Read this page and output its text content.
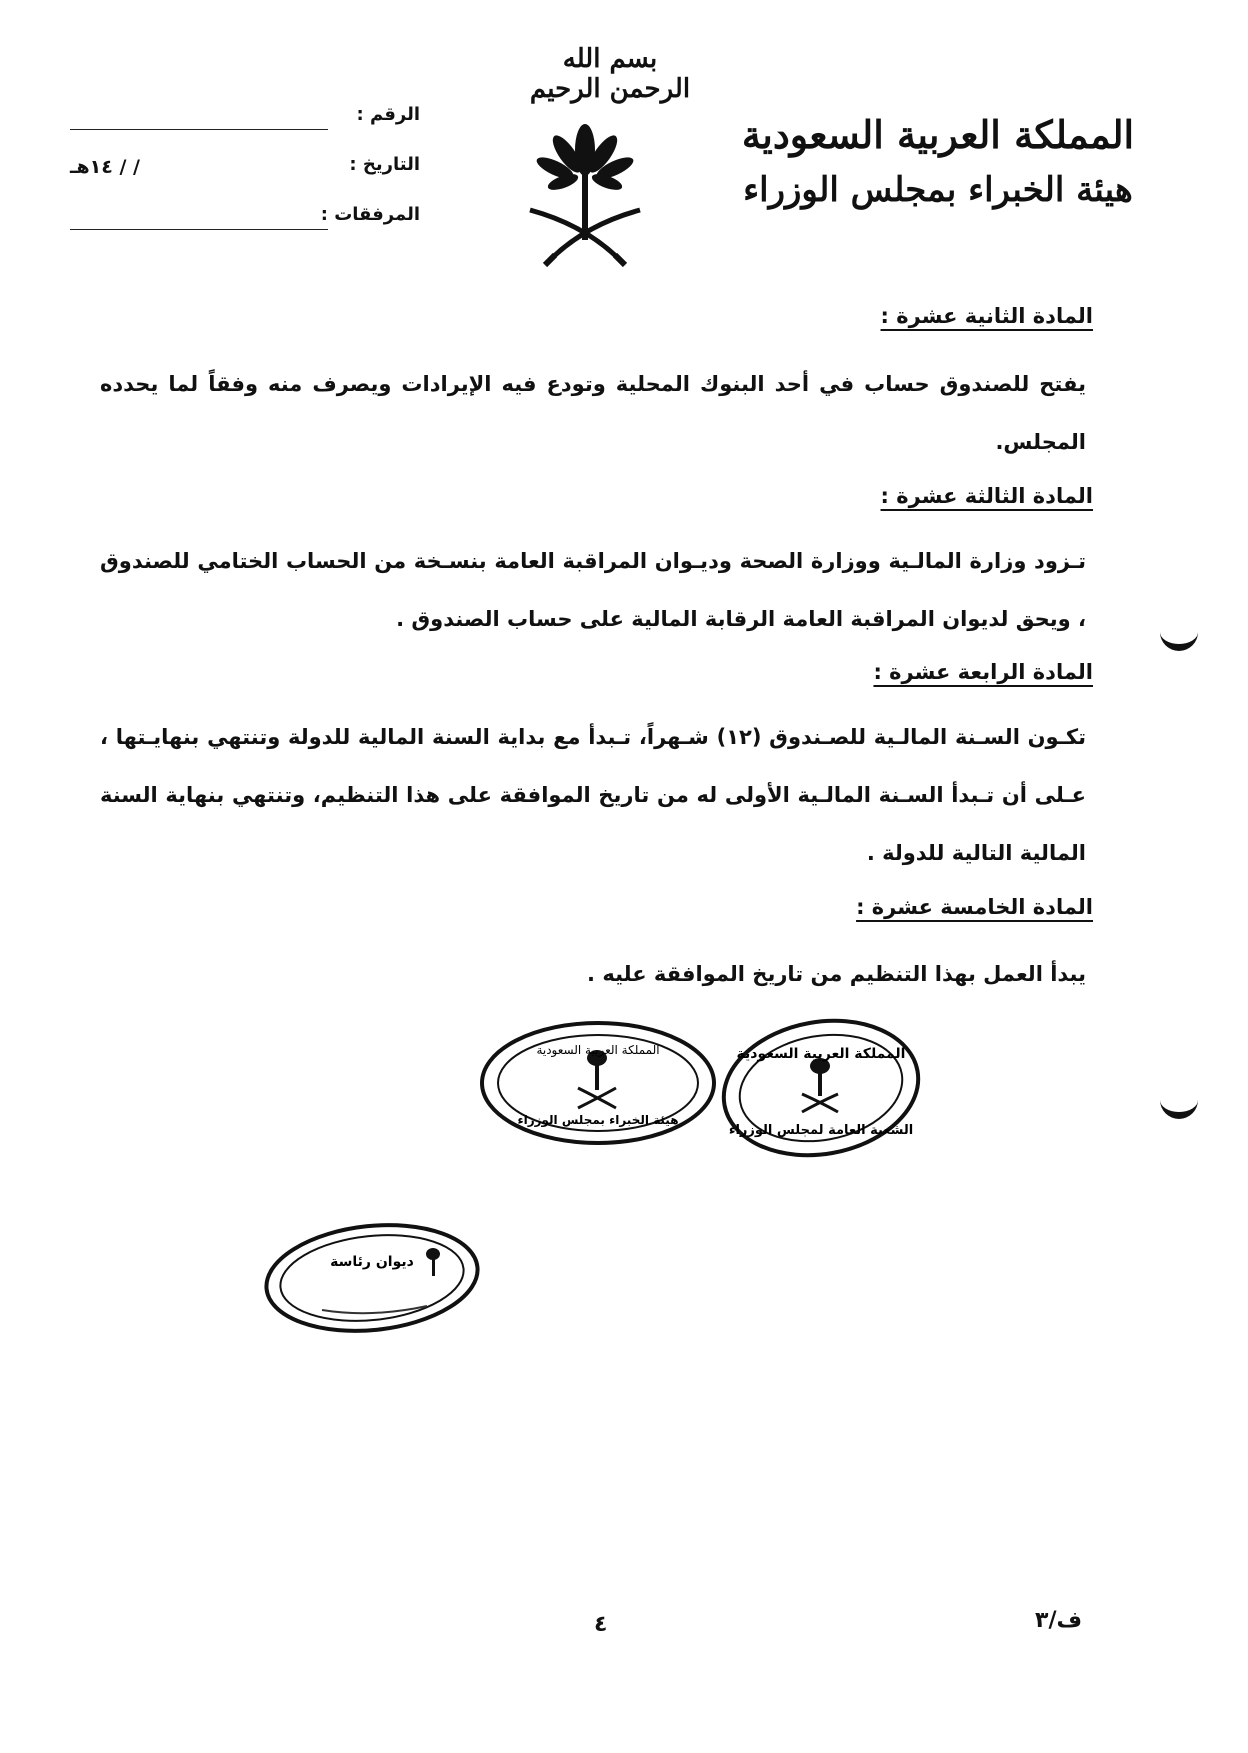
بسم الله الرحمن الرحيم
المملكة العربية السعودية
هيئة الخبراء بمجلس الوزراء
الرقم :
التاريخ :
/ / ١٤هـ
المرفقات :
المادة الثانية عشرة :
يفتح للصندوق حساب في أحد البنوك المحلية وتودع فيه الإيرادات ويصرف منه وفقاً لما يحدده المجلس.
المادة الثالثة عشرة :
تـزود وزارة المالـية ووزارة الصحة وديـوان المراقبة العامة بنسـخة من الحساب الختامي للصندوق ، ويحق لديوان المراقبة العامة الرقابة المالية على حساب الصندوق .
المادة الرابعة عشرة :
تكـون السـنة المالـية للصـندوق (١٢) شـهراً، تـبدأ مع بداية السنة المالية للدولة وتنتهي بنهايـتها ، عـلى أن تـبدأ السـنة المالـية الأولى له من تاريخ الموافقة على هذا التنظيم، وتنتهي بنهاية السنة المالية التالية للدولة .
المادة الخامسة عشرة :
يبدأ العمل بهذا التنظيم من تاريخ الموافقة عليه .
المملكة العربية السعودية
هيئة الخبراء بمجلس الوزراء
المملكة العربية السعودية
الشعبة العامة لمجلس الوزراء
ديوان رئاسة
٤	ف/٣
